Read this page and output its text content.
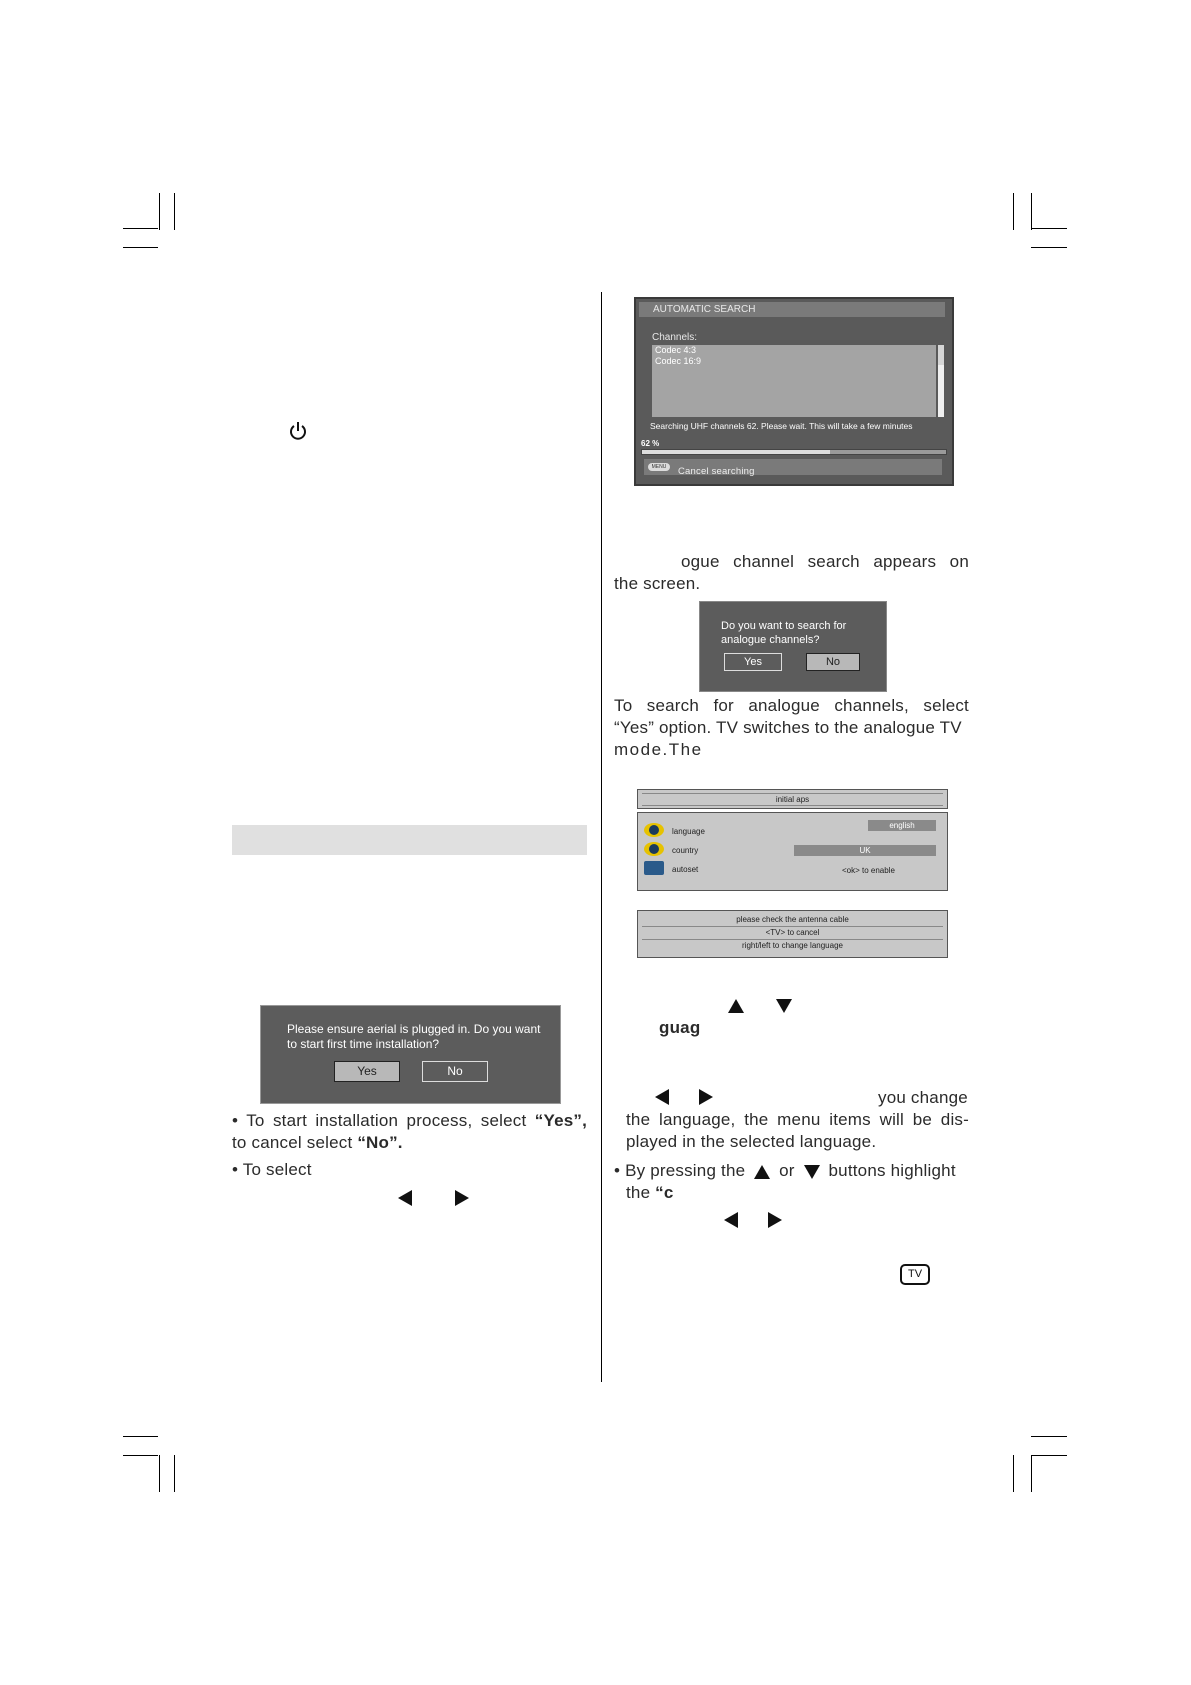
AUTOMATIC SEARCH
Channels:
Codec 4:3
Codec 16:9
Searching UHF channels 62. Please wait. This will take a few minutes
62 %
MENU	Cancel searching
ogue channel search appears on
the screen.
Do you want to search for analogue channels?
Yes	No
To search for analogue channels, select
“Yes” option. TV switches to the analogue TV
mode.The
initial aps
language
english
country	UK
autoset	<ok> to enable
please check the antenna cable
<TV> to cancel
right/left to change language
guag
you change
the language, the menu items will be dis-
played in the selected language.
• By pressing the or buttons highlight
the “c
TV
Please ensure aerial is plugged in. Do you want to start first time installation?
Yes	No
• To start installation process, select “Yes”,
to cancel select “No”.
• To select
